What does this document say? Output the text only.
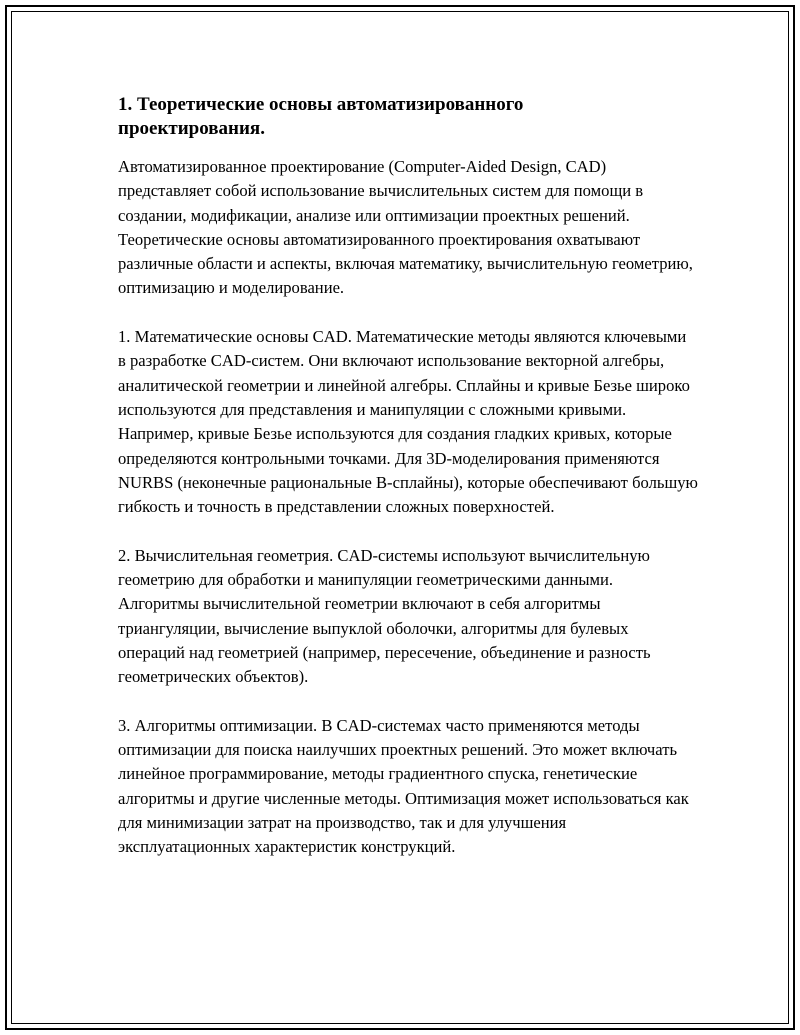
1. Теоретические основы автоматизированного проектирования.

Автоматизированное проектирование (Computer-Aided Design, CAD) представляет собой использование вычислительных систем для помощи в создании, модификации, анализе или оптимизации проектных решений. Теоретические основы автоматизированного проектирования охватывают различные области и аспекты, включая математику, вычислительную геометрию, оптимизацию и моделирование.

1. Математические основы CAD. Математические методы являются ключевыми в разработке CAD-систем. Они включают использование векторной алгебры, аналитической геометрии и линейной алгебры. Сплайны и кривые Безье широко используются для представления и манипуляции с сложными кривыми. Например, кривые Безье используются для создания гладких кривых, которые определяются контрольными точками. Для 3D-моделирования применяются NURBS (неконечные рациональные B-сплайны), которые обеспечивают большую гибкость и точность в представлении сложных поверхностей.

2. Вычислительная геометрия. CAD-системы используют вычислительную геометрию для обработки и манипуляции геометрическими данными. Алгоритмы вычислительной геометрии включают в себя алгоритмы триангуляции, вычисление выпуклой оболочки, алгоритмы для булевых операций над геометрией (например, пересечение, объединение и разность геометрических объектов).

3. Алгоритмы оптимизации. В CAD-системах часто применяются методы оптимизации для поиска наилучших проектных решений. Это может включать линейное программирование, методы градиентного спуска, генетические алгоритмы и другие численные методы. Оптимизация может использоваться как для минимизации затрат на производство, так и для улучшения эксплуатационных характеристик конструкций.
